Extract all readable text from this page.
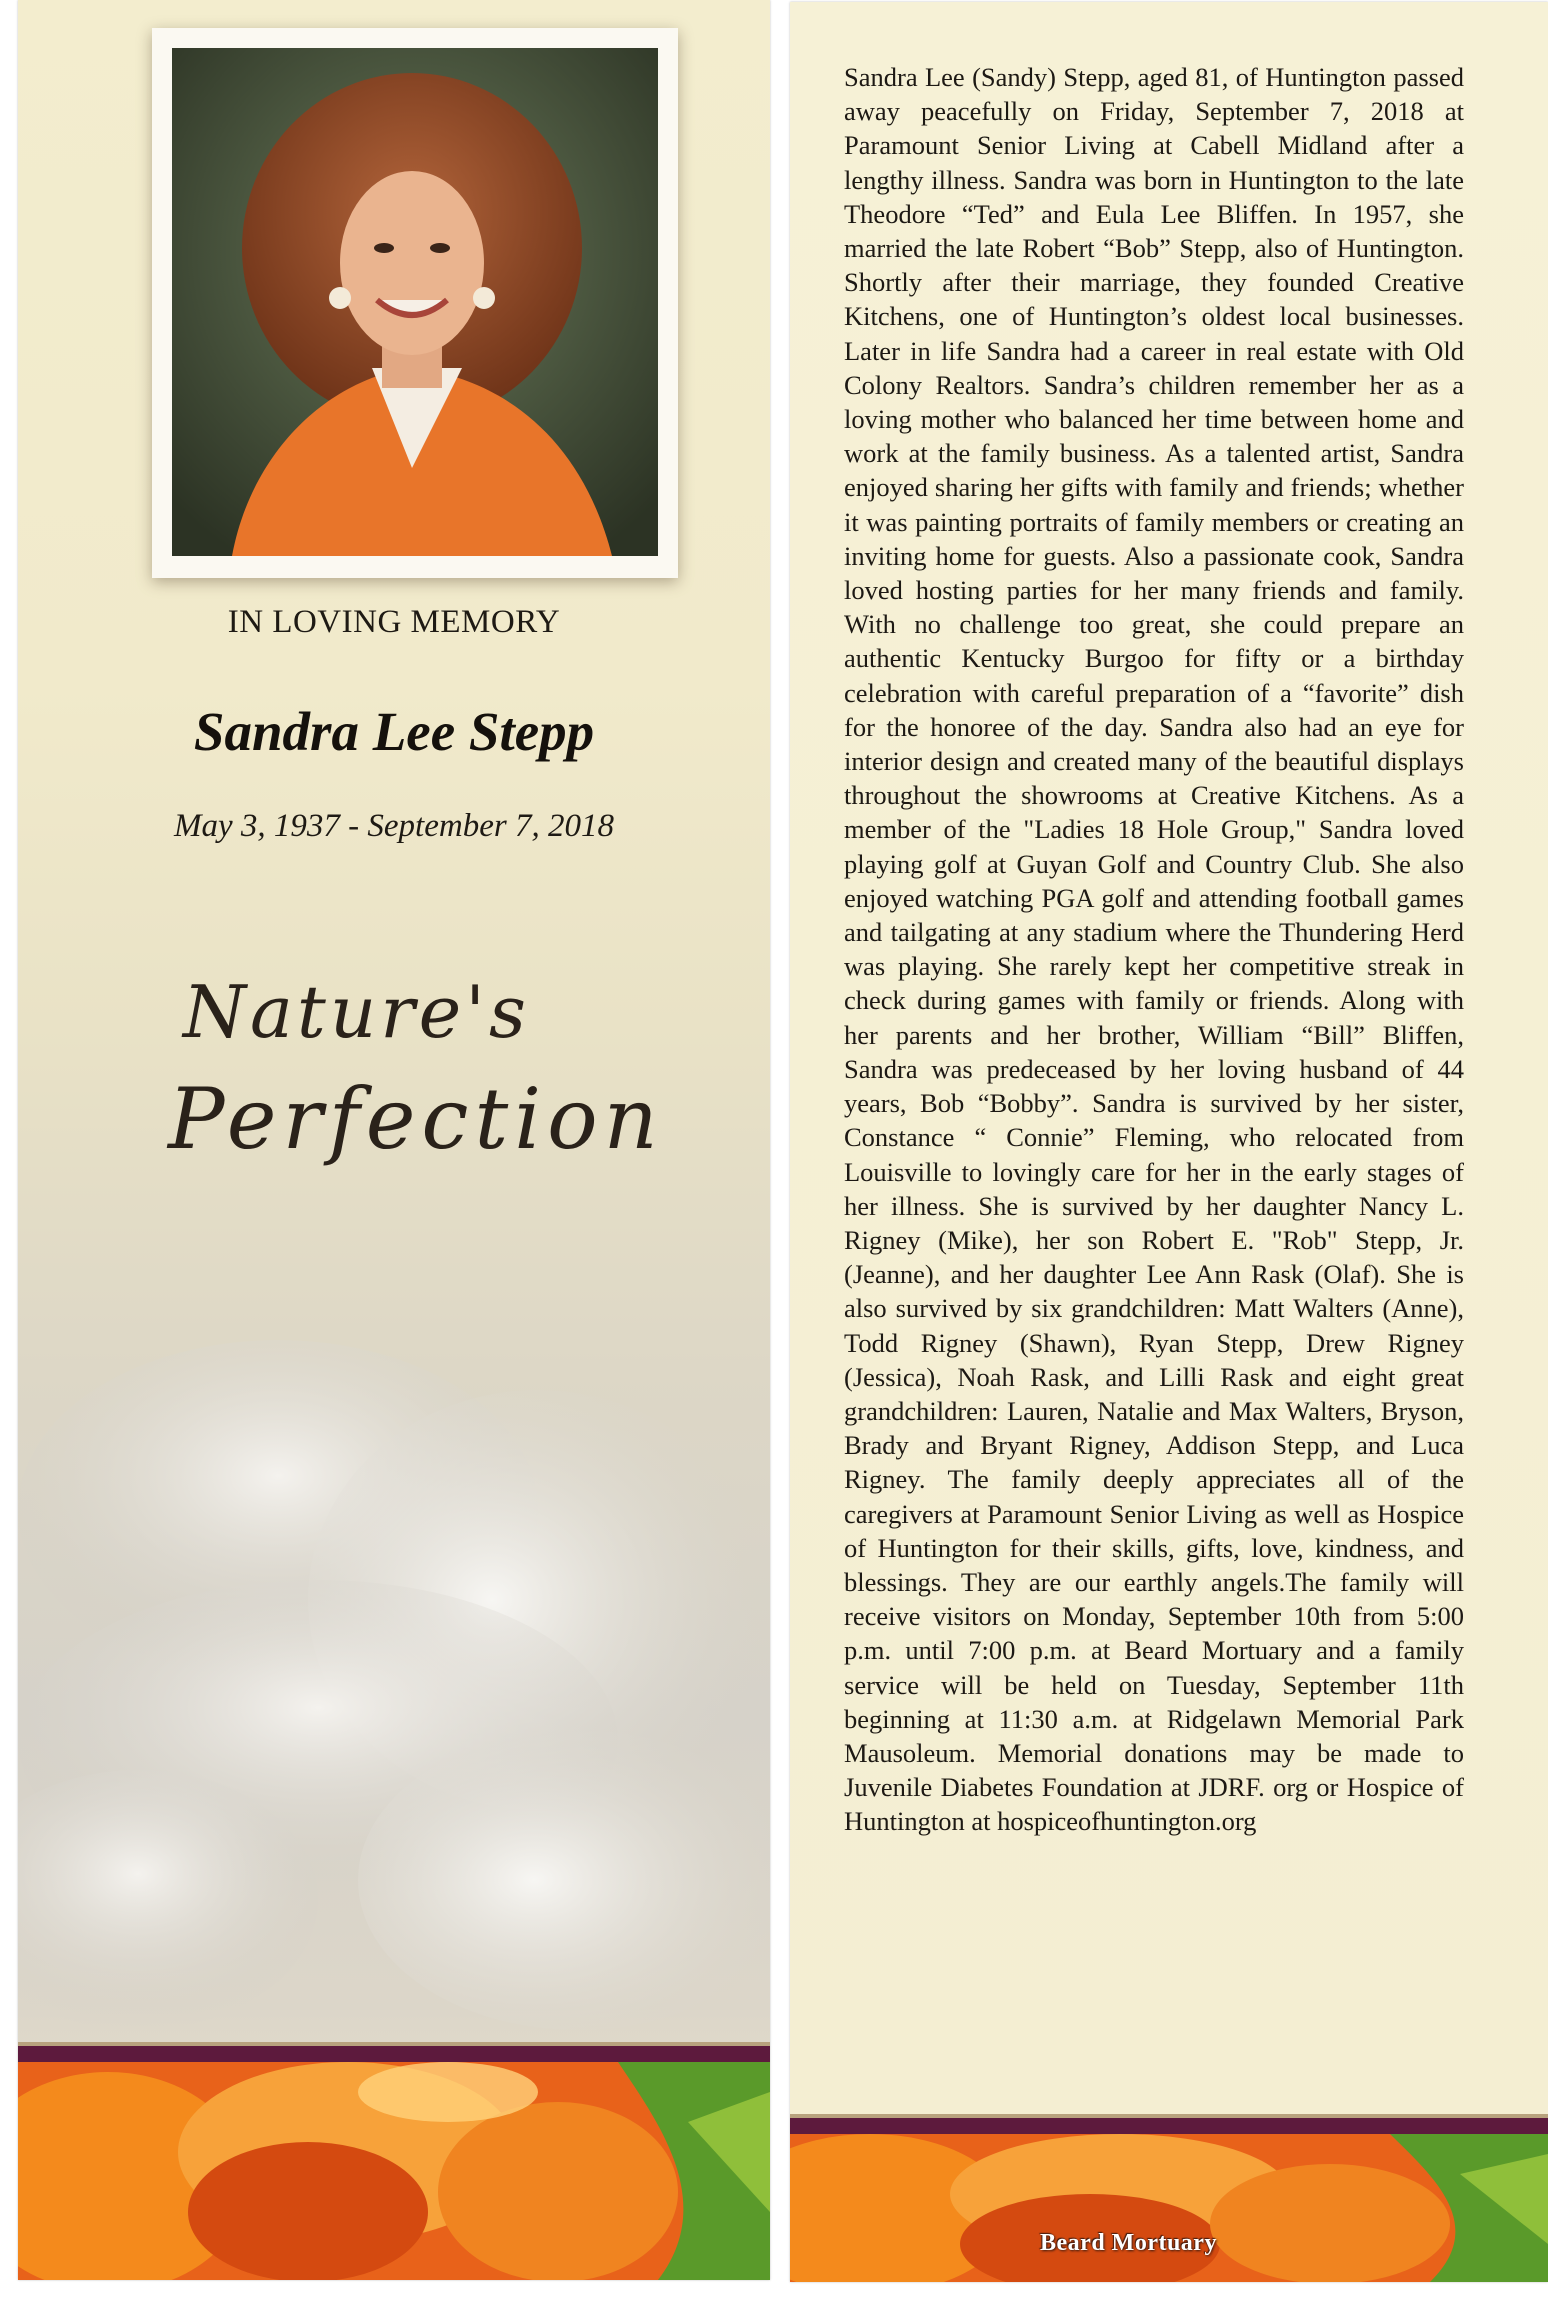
IN LOVING MEMORY
Sandra Lee Stepp
May 3, 1937 - September 7, 2018
Nature's
Perfection

Sandra Lee (Sandy) Stepp, aged 81, of Huntington passed away peacefully on Friday, September 7, 2018 at Paramount Senior Living at Cabell Midland after a lengthy illness. Sandra was born in Huntington to the late Theodore “Ted” and Eula Lee Bliffen. In 1957, she married the late Robert “Bob” Stepp, also of Huntington. Shortly after their marriage, they founded Creative Kitchens, one of Huntington’s oldest local businesses. Later in life Sandra had a career in real estate with Old Colony Realtors. Sandra’s children remember her as a loving mother who balanced her time between home and work at the family business. As a talented artist, Sandra enjoyed sharing her gifts with family and friends; whether it was painting portraits of family members or creating an inviting home for guests. Also a passionate cook, Sandra loved hosting parties for her many friends and family. With no challenge too great, she could prepare an authentic Kentucky Burgoo for fifty or a birthday celebration with careful preparation of a “favorite” dish for the honoree of the day. Sandra also had an eye for interior design and created many of the beautiful displays throughout the showrooms at Creative Kitchens. As a member of the "Ladies 18 Hole Group," Sandra loved playing golf at Guyan Golf and Country Club. She also enjoyed watching PGA golf and attending football games and tailgating at any stadium where the Thundering Herd was playing. She rarely kept her competitive streak in check during games with family or friends. Along with her parents and her brother, William “Bill” Bliffen, Sandra was predeceased by her loving husband of 44 years, Bob “Bobby”. Sandra is survived by her sister, Constance “ Connie” Fleming, who relocated from Louisville to lovingly care for her in the early stages of her illness. She is survived by her daughter Nancy L. Rigney (Mike), her son Robert E. "Rob" Stepp, Jr. (Jeanne), and her daughter Lee Ann Rask (Olaf). She is also survived by six grandchildren: Matt Walters (Anne), Todd Rigney (Shawn), Ryan Stepp, Drew Rigney (Jessica), Noah Rask, and Lilli Rask and eight great grandchildren: Lauren, Natalie and Max Walters, Bryson, Brady and Bryant Rigney, Addison Stepp, and Luca Rigney. The family deeply appreciates all of the caregivers at Paramount Senior Living as well as Hospice of Huntington for their skills, gifts, love, kindness, and blessings. They are our earthly angels.The family will receive visitors on Monday, September 10th from 5:00 p.m. until 7:00 p.m. at Beard Mortuary and a family service will be held on Tuesday, September 11th beginning at 11:30 a.m. at Ridgelawn Memorial Park Mausoleum. Memorial donations may be made to Juvenile Diabetes Foundation at JDRF. org or Hospice of Huntington at hospiceofhuntington.org

Beard Mortuary
